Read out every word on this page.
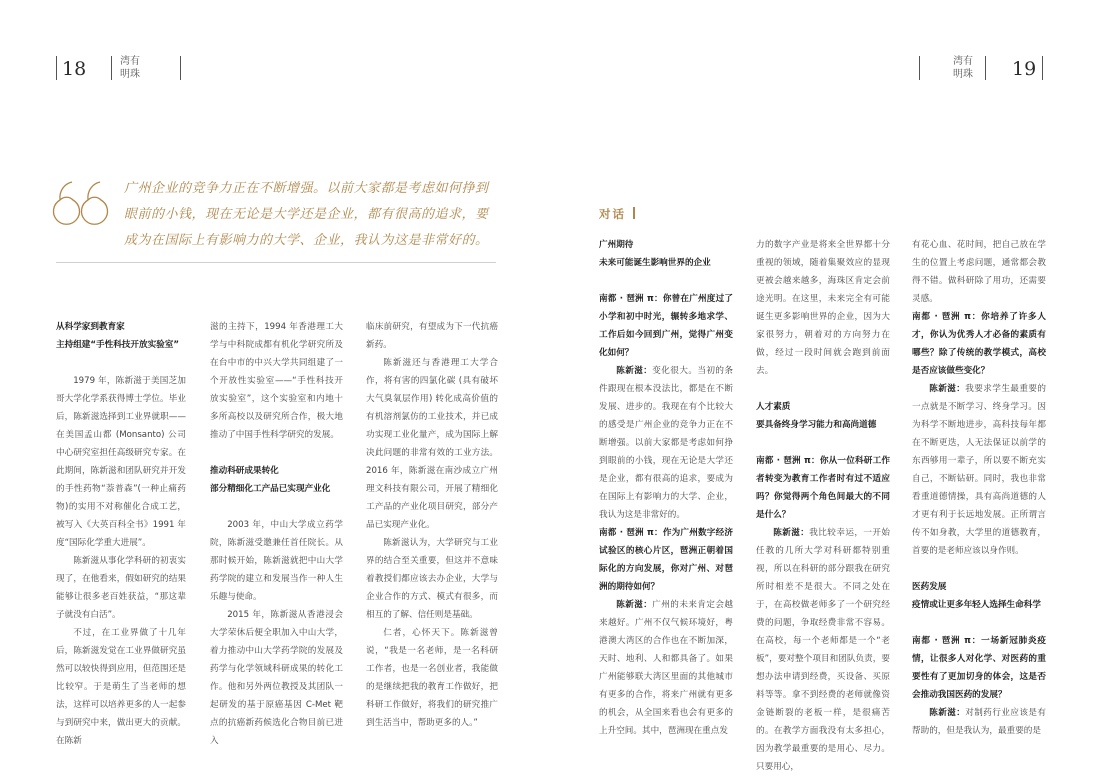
18	湾有
明珠
湾有
明珠 19
广州企业的竞争力正在不断增强。以前大家都是考虑如何挣到眼前的小钱，现在无论是大学还是企业，都有很高的追求，要成为在国际上有影响力的大学、企业，我认为这是非常好的。

从科学家到教育家

主持组建“手性科技开放实验室”

1979 年，陈新滋于美国芝加哥大学化学系获得博士学位。毕业后，陈新滋选择到工业界就职——在美国孟山都 (Monsanto) 公司中心研究室担任高级研究专家。在此期间，陈新滋和团队研究并开发的手性药物“萘普森”(一种止痛药物)的实用不对称催化合成工艺，被写入《大英百科全书》1991 年度“国际化学重大进展”。

陈新滋从事化学科研的初衷实现了，在他看来，假如研究的结果能够让很多老百姓获益，“那这辈子就没有白活”。

不过，在工业界做了十几年后，陈新滋发觉在工业界做研究虽然可以较快得到应用，但范围还是比较窄。于是萌生了当老师的想法，这样可以培养更多的人一起参与到研究中来，做出更大的贡献。在陈新

滋的主持下，1994 年香港理工大学与中科院成都有机化学研究所及在台中市的中兴大学共同组建了一个开放性实验室——“手性科技开放实验室”，这个实验室和内地十多所高校以及研究所合作，极大地推动了中国手性科学研究的发展。

推动科研成果转化

部分精细化工产品已实现产业化

2003 年，中山大学成立药学院，陈新滋受邀兼任首任院长。从那时候开始，陈新滋就把中山大学药学院的建立和发展当作一种人生乐趣与使命。

2015 年，陈新滋从香港浸会大学荣休后便全职加入中山大学，着力推动中山大学药学院的发展及药学与化学领域科研成果的转化工作。他和另外两位教授及其团队一起研发的基于原癌基因 C-Met 靶点的抗癌新药候选化合物目前已进入

临床前研究，有望成为下一代抗癌新药。

陈新滋还与香港理工大学合作，将有害的四氯化碳 (具有破坏大气臭氧层作用) 转化成高价值的有机溶剂氯仿的工业技术，并已成功实现工业化量产，成为国际上解决此问题的非常有效的工业方法。2016 年，陈新滋在南沙成立广州理文科技有限公司，开展了精细化工产品的产业化项目研究，部分产品已实现产业化。

陈新滋认为，大学研究与工业界的结合至关重要，但这并不意味着教授们都应该去办企业，大学与企业合作的方式、模式有很多，而相互的了解、信任则是基础。

仁者，心怀天下。陈新滋曾说，“我是一名老师，是一名科研工作者，也是一名创业者，我能做的是继续把我的教育工作做好，把科研工作做好，将我们的研究推广到生活当中，帮助更多的人。”

对话

广州期待

未来可能诞生影响世界的企业

南都 · 琶洲 π：你曾在广州度过了小学和初中时光，辗转多地求学、工作后如今回到广州，觉得广州变化如何？

陈新滋：变化很大。当初的条件跟现在根本没法比，都是在不断发展、进步的。我现在有个比较大的感受是广州企业的竞争力正在不断增强。以前大家都是考虑如何挣到眼前的小钱，现在无论是大学还是企业，都有很高的追求，要成为在国际上有影响力的大学、企业，我认为这是非常好的。

南都 · 琶洲 π：作为广州数字经济试验区的核心片区，琶洲正朝着国际化的方向发展，你对广州、对琶洲的期待如何？

陈新滋：广州的未来肯定会越来越好。广州不仅气候环境好，粤港澳大湾区的合作也在不断加深，天时、地利、人和都具备了。如果广州能够联大湾区里面的其他城市有更多的合作，将来广州就有更多的机会，从全国来看也会有更多的上升空间。其中，琶洲现在重点发

力的数字产业是将来全世界都十分重视的领域，随着集聚效应的显现更被会越来越多，海珠区肯定会前途光明。在这里，未来完全有可能诞生更多影响世界的企业，因为大家很努力，朝着对的方向努力在做，经过一段时间就会跑到前面去。

人才素质

要具备终身学习能力和高尚道德

南都 · 琶洲 π：你从一位科研工作者转变为教育工作者时有过不适应吗？你觉得两个角色间最大的不同是什么？

陈新滋：我比较幸运，一开始任教的几所大学对科研都特别重视，所以在科研的部分跟我在研究所时相差不是很大。不同之处在于，在高校做老师多了一个研究经费的问题，争取经费非常不容易。在高校，每一个老师都是一个“老板”，要对整个项目和团队负责，要想办法申请到经费，买设备、买原料等等。拿不到经费的老师就像资金链断裂的老板一样，是很痛苦的。在教学方面我没有太多担心，因为教学最重要的是用心、尽力。只要用心，

有花心血、花时间，把自己放在学生的位置上考虑问题，通常都会教得不错。做科研除了用功，还需要灵感。

南都 · 琶洲 π：你培养了许多人才，你认为优秀人才必备的素质有哪些？除了传统的教学模式，高校是否应该做些变化？

陈新滋：我要求学生最重要的一点就是不断学习、终身学习。因为科学不断地进步，高科技每年都在不断更迭，人无法保证以前学的东西够用一辈子，所以要不断充实自己，不断钻研。同时，我也非常看重道德情操，具有高尚道德的人才更有利于长远地发展。正所谓言传不如身教，大学里的道德教育，首要的是老师应该以身作则。

医药发展

疫情或让更多年轻人选择生命科学

南都 · 琶洲 π：一场新冠肺炎疫情，让很多人对化学、对医药的重要性有了更加切身的体会，这是否会推动我国医药的发展？

陈新滋：对制药行业应该是有帮助的，但是我认为，最重要的是
